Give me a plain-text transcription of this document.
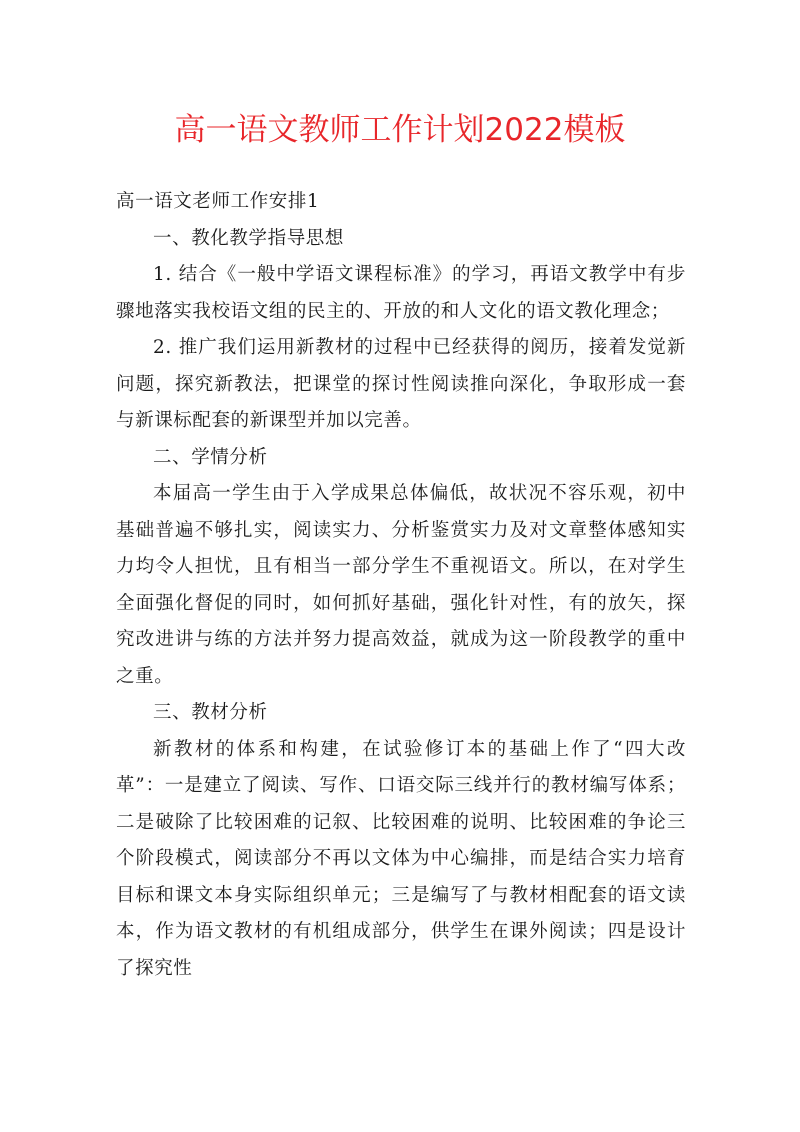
高一语文教师工作计划2022模板

高一语文老师工作安排1

一、教化教学指导思想

1. 结合《一般中学语文课程标准》的学习，再语文教学中有步骤地落实我校语文组的民主的、开放的和人文化的语文教化理念；

2. 推广我们运用新教材的过程中已经获得的阅历，接着发觉新问题，探究新教法，把课堂的探讨性阅读推向深化，争取形成一套与新课标配套的新课型并加以完善。

二、学情分析

本届高一学生由于入学成果总体偏低，故状况不容乐观，初中基础普遍不够扎实，阅读实力、分析鉴赏实力及对文章整体感知实力均令人担忧，且有相当一部分学生不重视语文。所以，在对学生全面强化督促的同时，如何抓好基础，强化针对性，有的放矢，探究改进讲与练的方法并努力提高效益，就成为这一阶段教学的重中之重。

三、教材分析

新教材的体系和构建，在试验修订本的基础上作了“四大改革”：一是建立了阅读、写作、口语交际三线并行的教材编写体系；二是破除了比较困难的记叙、比较困难的说明、比较困难的争论三个阶段模式，阅读部分不再以文体为中心编排，而是结合实力培育目标和课文本身实际组织单元；三是编写了与教材相配套的语文读本，作为语文教材的有机组成部分，供学生在课外阅读；四是设计了探究性
